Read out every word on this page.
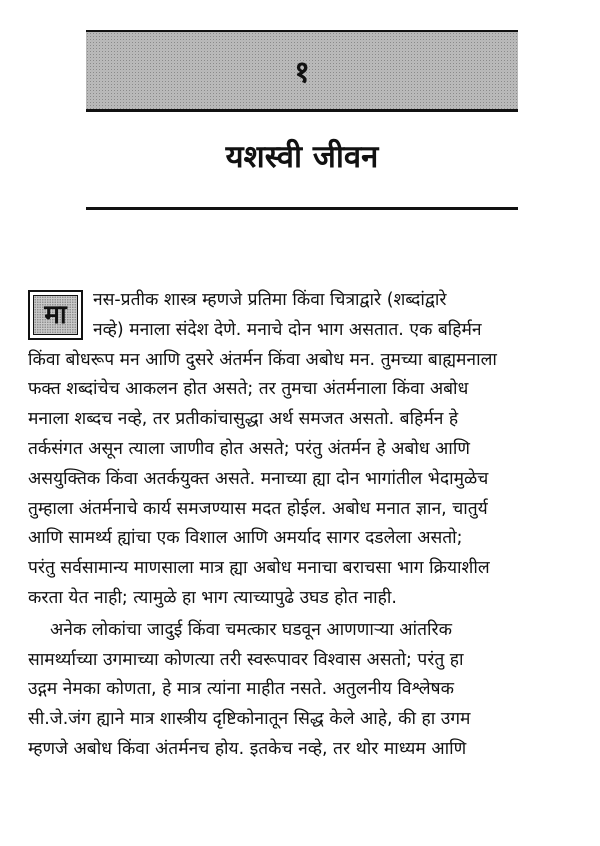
१
यशस्वी जीवन

मा	नस-प्रतीक शास्त्र म्हणजे प्रतिमा किंवा चित्राद्वारे (शब्दांद्वारे
नव्हे) मनाला संदेश देणे. मनाचे दोन भाग असतात. एक बहिर्मन
किंवा बोधरूप मन आणि दुसरे अंतर्मन किंवा अबोध मन. तुमच्या बाह्यमनाला
फक्त शब्दांचेच आकलन होत असते; तर तुमचा अंतर्मनाला किंवा अबोध
मनाला शब्दच नव्हे, तर प्रतीकांचासुद्धा अर्थ समजत असतो. बहिर्मन हे
तर्कसंगत असून त्याला जाणीव होत असते; परंतु अंतर्मन हे अबोध आणि
असयुक्तिक किंवा अतर्कयुक्त असते. मनाच्या ह्या दोन भागांतील भेदामुळेच
तुम्हाला अंतर्मनाचे कार्य समजण्यास मदत होईल. अबोध मनात ज्ञान, चातुर्य
आणि सामर्थ्य ह्यांचा एक विशाल आणि अमर्याद सागर दडलेला असतो;
परंतु सर्वसामान्य माणसाला मात्र ह्या अबोध मनाचा बराचसा भाग क्रियाशील
करता येत नाही; त्यामुळे हा भाग त्याच्यापुढे उघड होत नाही.

अनेक लोकांचा जादुई किंवा चमत्कार घडवून आणणाऱ्या आंतरिक
सामर्थ्याच्या उगमाच्या कोणत्या तरी स्वरूपावर विश्वास असतो; परंतु हा
उद्गम नेमका कोणता, हे मात्र त्यांना माहीत नसते. अतुलनीय विश्लेषक
सी.जे.जंग ह्याने मात्र शास्त्रीय दृष्टिकोनातून सिद्ध केले आहे, की हा उगम
म्हणजे अबोध किंवा अंतर्मनच होय. इतकेच नव्हे, तर थोर माध्यम आणि
